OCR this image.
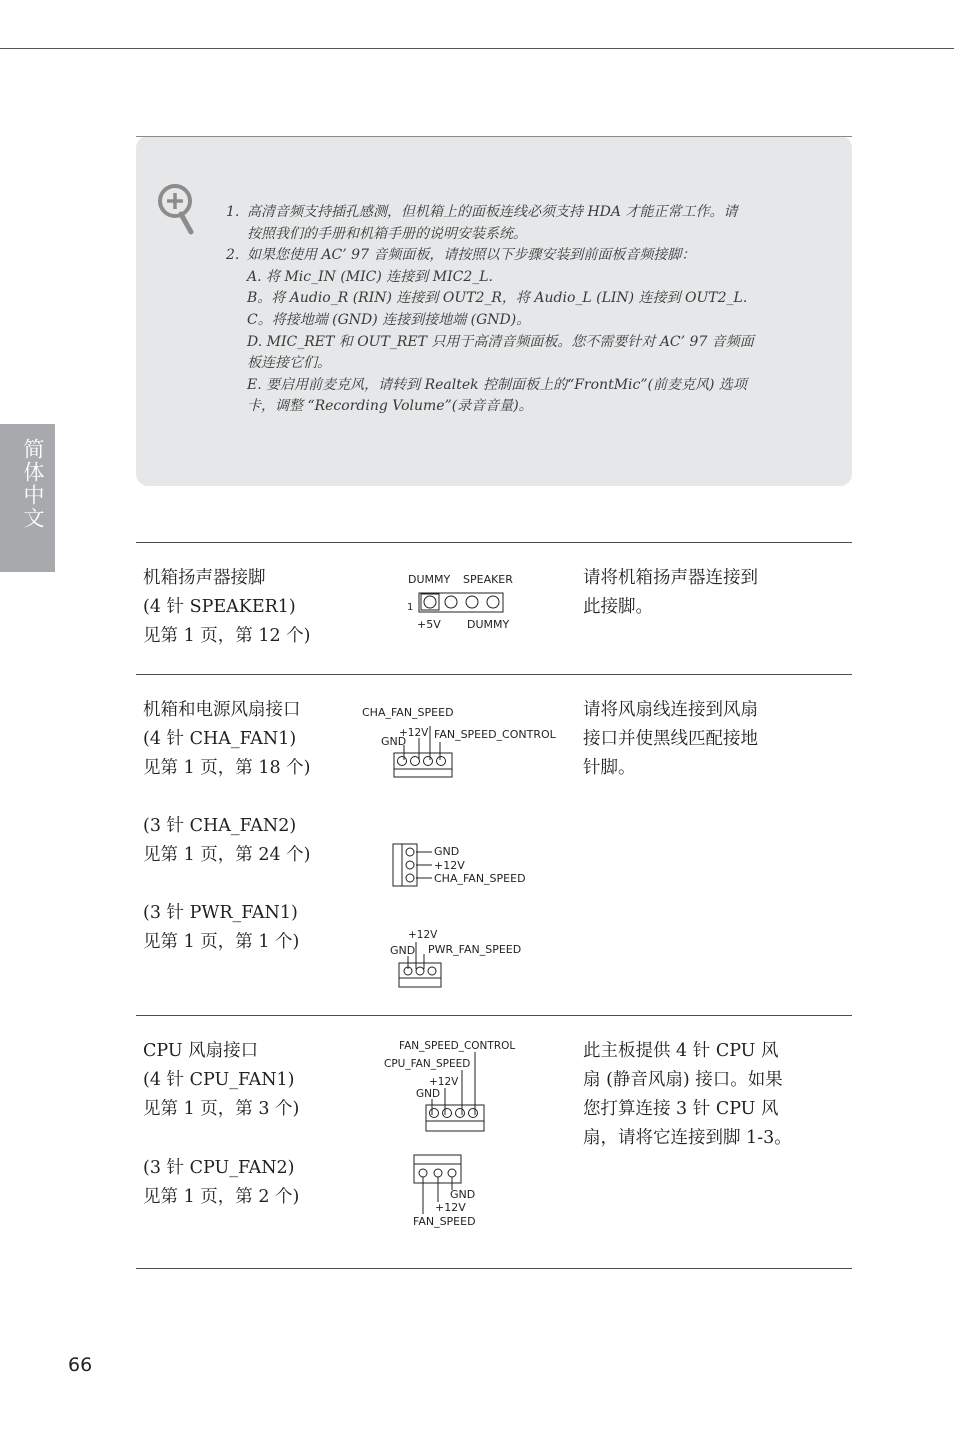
1. 高清音频支持插孔感测，但机箱上的面板连线必须支持 HDA 才能正常工作。请
按照我们的手册和机箱手册的说明安装系统。
2. 如果您使用 AC’ 97 音频面板，请按照以下步骤安装到前面板音频接脚：
A. 将 Mic_IN (MIC) 连接到 MIC2_L.
B。将 Audio_R (RIN) 连接到 OUT2_R，将 Audio_L (LIN) 连接到 OUT2_L.
C。将接地端 (GND) 连接到接地端 (GND)。
D. MIC_RET 和 OUT_RET 只用于高清音频面板。您不需要针对 AC’ 97 音频面
板连接它们。
E. 要启用前麦克风，请转到 Realtek 控制面板上的“FrontMic”(前麦克风) 选项
卡，调整 “Recording Volume”(录音音量)。
简体中文
机箱扬声器接脚
(4 针 SPEAKER1)
见第 1 页，第 12 个)
DUMMY SPEAKER
1
+5V DUMMY
请将机箱扬声器连接到
此接脚。
机箱和电源风扇接口
(4 针 CHA_FAN1)
见第 1 页，第 18 个)
CHA_FAN_SPEED
+12V FAN_SPEED_CONTROL
GND
请将风扇线连接到风扇
接口并使黑线匹配接地
针脚。
(3 针 CHA_FAN2)
见第 1 页，第 24 个)	GND
+12V
CHA_FAN_SPEED
(3 针 PWR_FAN1)
见第 1 页，第 1 个)	+12V
GND PWR_FAN_SPEED
CPU 风扇接口
(4 针 CPU_FAN1)
见第 1 页，第 3 个)
FAN_SPEED_CONTROL
CPU_FAN_SPEED
+12V
GND
此主板提供 4 针 CPU 风
扇 (静音风扇) 接口。如果
您打算连接 3 针 CPU 风
扇，请将它连接到脚 1-3。
(3 针 CPU_FAN2)
见第 1 页，第 2 个)	GND
+12V
FAN_SPEED
66
